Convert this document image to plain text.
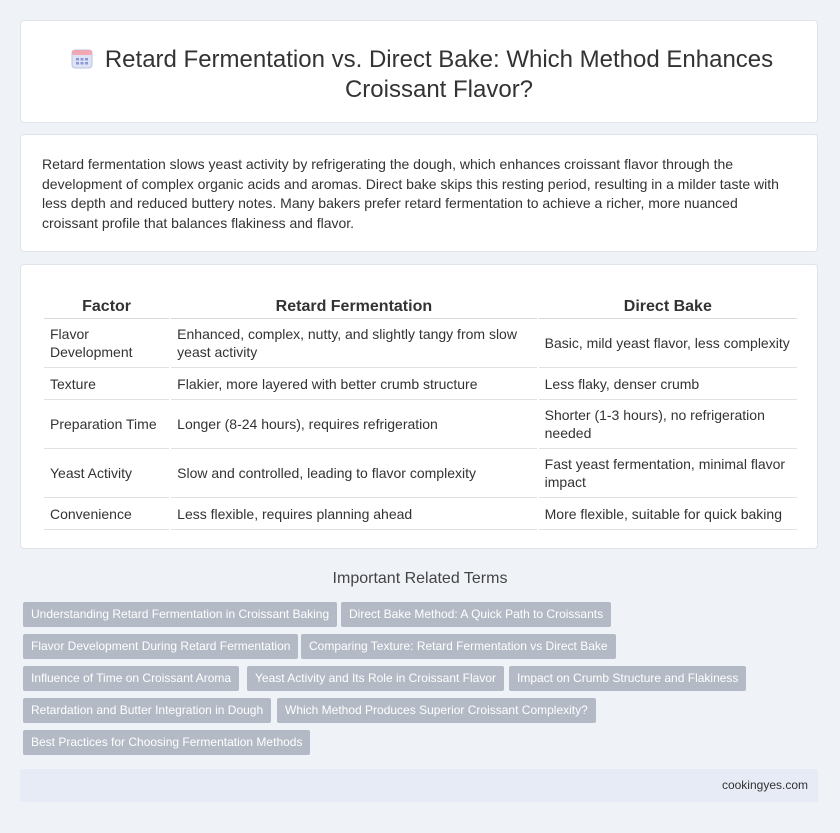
Retard Fermentation vs. Direct Bake: Which Method Enhances Croissant Flavor?

Retard fermentation slows yeast activity by refrigerating the dough, which enhances croissant flavor through the development of complex organic acids and aromas. Direct bake skips this resting period, resulting in a milder taste with less depth and reduced buttery notes. Many bakers prefer retard fermentation to achieve a richer, more nuanced croissant profile that balances flakiness and flavor.

Factor	Retard Fermentation	Direct Bake
Flavor Development	Enhanced, complex, nutty, and slightly tangy from slow yeast activity	Basic, mild yeast flavor, less complexity
Texture	Flakier, more layered with better crumb structure	Less flaky, denser crumb
Preparation Time	Longer (8-24 hours), requires refrigeration	Shorter (1-3 hours), no refrigeration needed
Yeast Activity	Slow and controlled, leading to flavor complexity	Fast yeast fermentation, minimal flavor impact
Convenience	Less flexible, requires planning ahead	More flexible, suitable for quick baking
Important Related Terms
Understanding Retard Fermentation in Croissant Baking	Direct Bake Method: A Quick Path to Croissants
Flavor Development During Retard Fermentation	Comparing Texture: Retard Fermentation vs Direct Bake
Influence of Time on Croissant Aroma	Yeast Activity and Its Role in Croissant Flavor	Impact on Crumb Structure and Flakiness
Retardation and Butter Integration in Dough	Which Method Produces Superior Croissant Complexity?
Best Practices for Choosing Fermentation Methods
cookingyes.com
